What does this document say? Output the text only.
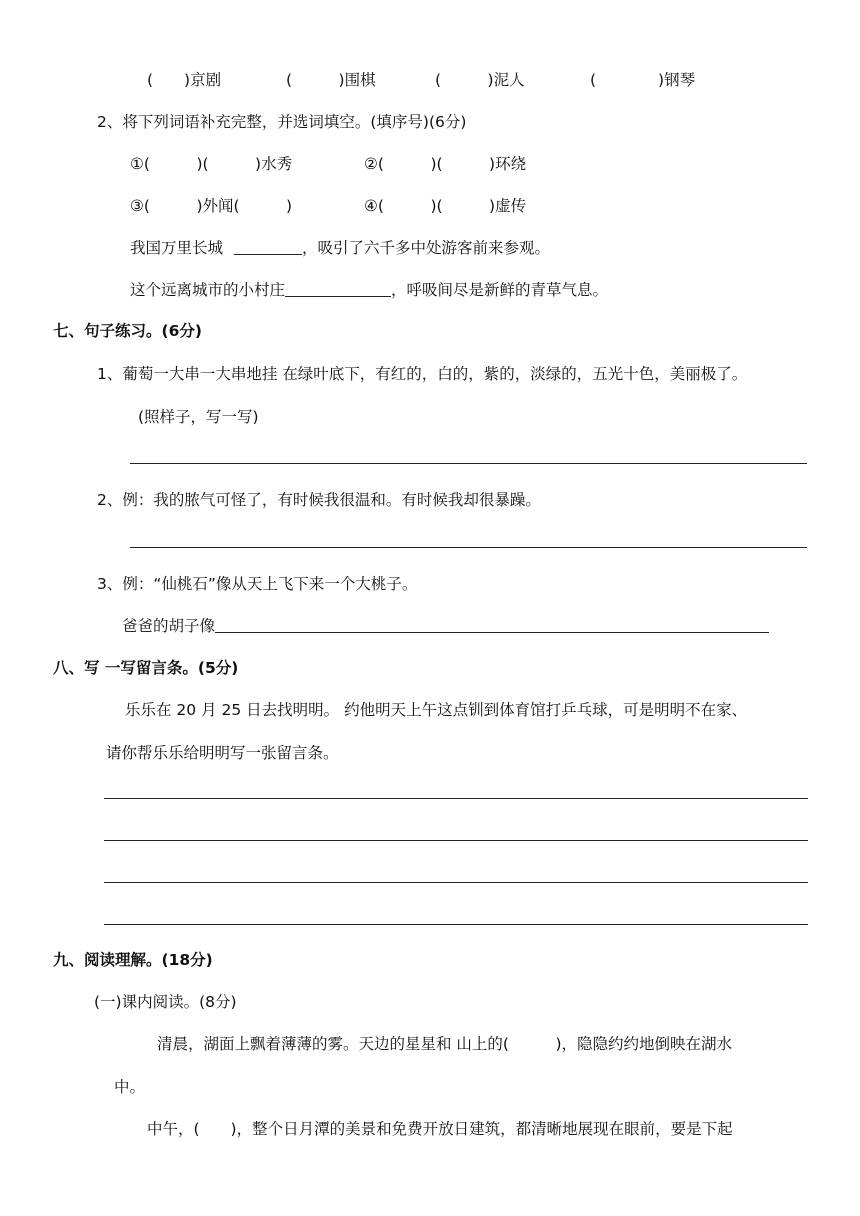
(　　)京剧	(　　　)围棋	(　　　)泥人	(　　　　)钢琴
2、将下列词语补充完整，并选词填空。(填序号)(6分)
①(　　　)(　　　)水秀	②(　　　)(　　　)环绕
③(　　　)外闻(　　　)	④(　　　)(　　　)虚传
我国万里长城	，吸引了六千多中处游客前来参观。
这个远离城市的小村庄	，呼吸间尽是新鲜的青草气息。
七、句子练习。(6分)
1、葡萄一大串一大串地挂 在绿叶底下，有红的，白的，紫的，淡绿的，五光十色，美丽极了。
(照样子，写一写)
2、例：我的脓气可怪了，有时候我很温和。有时候我却很暴躁。
3、例：“仙桃石”像从天上飞下来一个大桃子。
爸爸的胡子像
八、写 一写留言条。(5分)
乐乐在 20 月 25 日去找明明。 约他明天上午这点钏到体育馆打乒乓球，可是明明不在家、
请你帮乐乐给明明写一张留言条。
九、阅读理解。(18分)
(一)课内阅读。(8分)
清晨，湖面上飘着薄薄的雾。天边的星星和 山上的(　　　)，隐隐约约地倒映在湖水
中。
中午，(　　)，整个日月潭的美景和免费开放日建筑，都清晰地展现在眼前，要是下起
